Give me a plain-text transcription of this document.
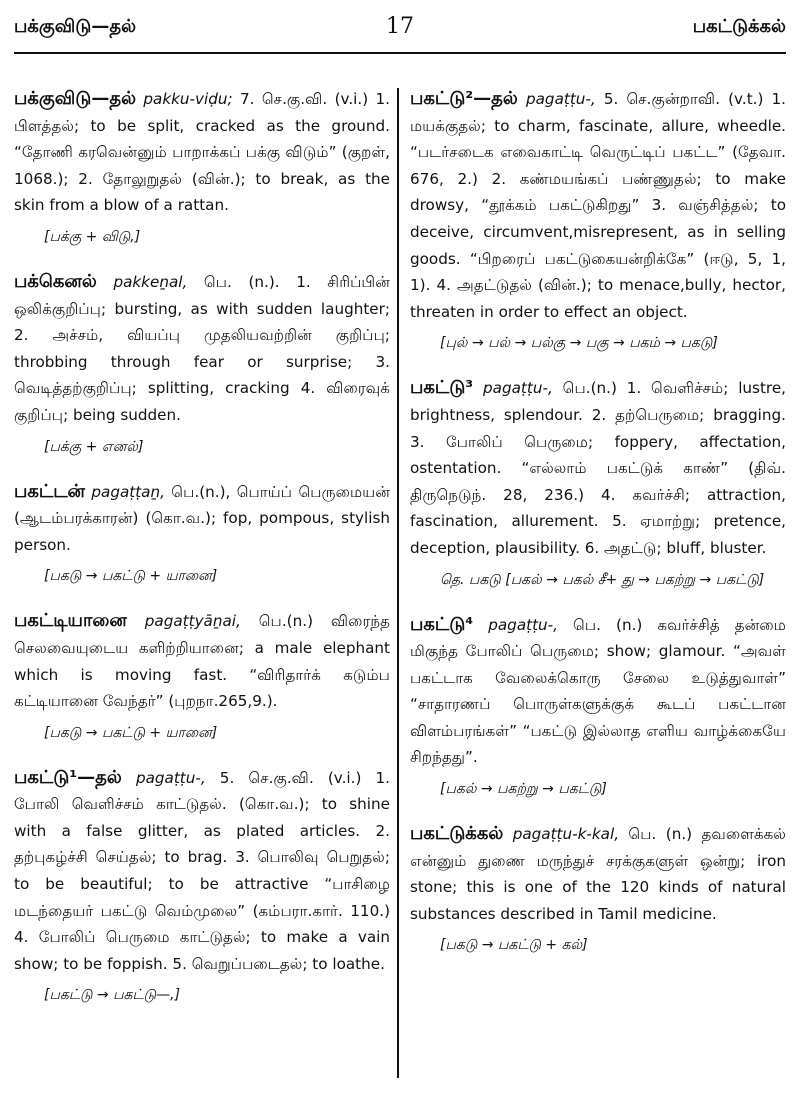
பக்குவிடு—தல்	17	பகட்டுக்கல்

பக்குவிடு—தல் pakku-viḍu; 7. செ.கு.வி. (v.i.) 1. பிளத்தல்; to be split, cracked as the ground. “தோணி கரவென்னும் பாறாக்கப் பக்கு விடும்” (குறள், 1068.); 2. தோலுறுதல் (வின்.); to break, as the skin from a blow of a rattan.

[பக்கு + விடு,]

பக்கெனல் pakkeṉal, பெ. (n.). 1. சிரிப்பின் ஒலிக்குறிப்பு; bursting, as with sudden laughter; 2. அச்சம், வியப்பு முதலியவற்றின் குறிப்பு; throbbing through fear or surprise; 3. வெடித்தற்குறிப்பு; splitting, cracking 4. விரைவுக் குறிப்பு; being sudden.

[பக்கு + எனல்]

பகட்டன் pagaṭṭaṉ, பெ.(n.), பொய்ப் பெருமையன் (ஆடம்பரக்காரன்) (கொ.வ.); fop, pompous, stylish person.

[பகடு → பகட்டு + யானை]

பகட்டியானை pagaṭṭyāṉai, பெ.(n.) விரைந்த செலவையுடைய களிற்றியானை; a male elephant which is moving fast. “விரிதார்க் கடும்ப கட்டியானை வேந்தர்” (புறநா.265,9.).

[பகடு → பகட்டு + யானை]

பகட்டு¹—தல் pagaṭṭu-, 5. செ.கு.வி. (v.i.) 1. போலி வெளிச்சம் காட்டுதல். (கொ.வ.); to shine with a false glitter, as plated articles. 2. தற்புகழ்ச்சி செய்தல்; to brag. 3. பொலிவு பெறுதல்; to be beautiful; to be attractive “பாசிழை மடந்தையர் பகட்டு வெம்முலை” (கம்பரா.கார். 110.) 4. போலிப் பெருமை காட்டுதல்; to make a vain show; to be foppish. 5. வெறுப்படைதல்; to loathe.

[பகட்டு → பகட்டு—,]

பகட்டு²—தல் pagaṭṭu-, 5. செ.குன்றாவி. (v.t.) 1. மயக்குதல்; to charm, fascinate, allure, wheedle. “படர்சடைக எவைகாட்டி வெருட்டிப் பகட்ட” (தேவா. 676, 2.) 2. கண்மயங்கப் பண்ணுதல்; to make drowsy, “தூக்கம் பகட்டுகிறது” 3. வஞ்சித்தல்; to deceive, circumvent,misrepresent, as in selling goods. “பிறரைப் பகட்டுகையன்றிக்கே” (ஈடு, 5, 1, 1). 4. அதட்டுதல் (வின்.); to menace,bully, hector, threaten in order to effect an object.

[புல் → பல் → பல்கு → பகு → பகம் → பகடு]

பகட்டு³ pagaṭṭu-, பெ.(n.) 1. வெளிச்சம்; lustre, brightness, splendour. 2. தற்பெருமை; bragging. 3. போலிப் பெருமை; foppery, affectation, ostentation. “எல்லாம் பகட்டுக் காண்” (திவ். திருநெடுந். 28, 236.) 4. கவர்ச்சி; attraction, fascination, allurement. 5. ஏமாற்று; pretence, deception, plausibility. 6. அதட்டு; bluff, bluster.

தெ. பகடு [பகல் → பகல் சீ+ து → பகற்று → பகட்டு]

பகட்டு⁴ pagaṭṭu-, பெ. (n.) கவர்ச்சித் தன்மை மிகுந்த போலிப் பெருமை; show; glamour. “அவள் பகட்டாக வேலைக்கொரு சேலை உடுத்துவாள்” “சாதாரணப் பொருள்களுக்குக் கூடப் பகட்டான விளம்பரங்கள்” “பகட்டு இல்லாத எளிய வாழ்க்கையே சிறந்தது”.

[பகல் → பகற்று → பகட்டு]

பகட்டுக்கல் pagaṭṭu-k-kal, பெ. (n.) தவளைக்கல் என்னும் துணை மருந்துச் சரக்குகளுள் ஒன்று; iron stone; this is one of the 120 kinds of natural substances described in Tamil medicine.

[பகடு → பகட்டு + கல்]
